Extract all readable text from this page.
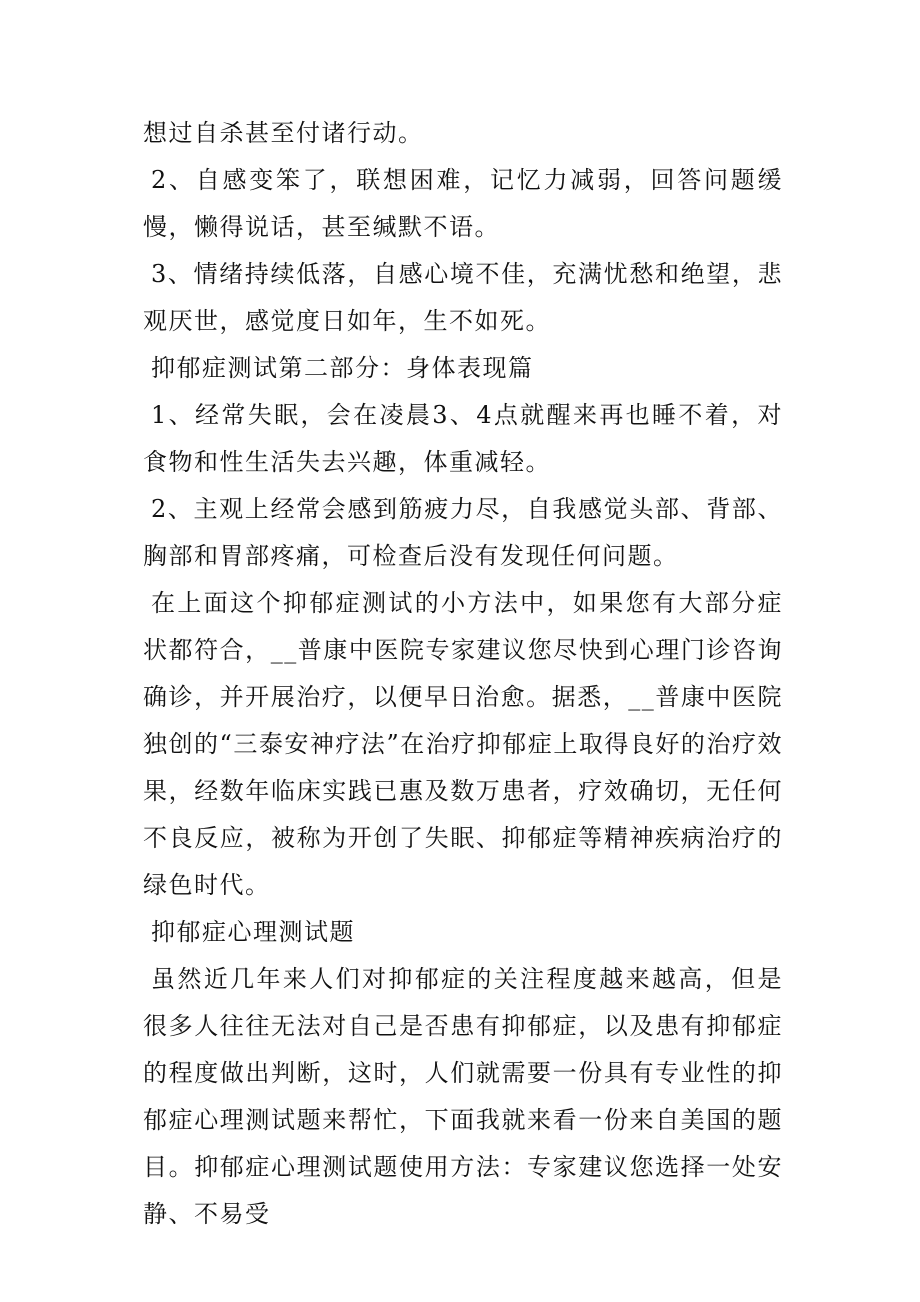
想过自杀甚至付诸行动。

2、自感变笨了，联想困难，记忆力减弱，回答问题缓慢，懒得说话，甚至缄默不语。

3、情绪持续低落，自感心境不佳，充满忧愁和绝望，悲观厌世，感觉度日如年，生不如死。

抑郁症测试第二部分：身体表现篇

1、经常失眠，会在凌晨3、4点就醒来再也睡不着，对食物和性生活失去兴趣，体重减轻。

2、主观上经常会感到筋疲力尽，自我感觉头部、背部、胸部和胃部疼痛，可检查后没有发现任何问题。

在上面这个抑郁症测试的小方法中，如果您有大部分症状都符合，__普康中医院专家建议您尽快到心理门诊咨询确诊，并开展治疗，以便早日治愈。据悉，__普康中医院独创的“三泰安神疗法”在治疗抑郁症上取得良好的治疗效果，经数年临床实践已惠及数万患者，疗效确切，无任何不良反应，被称为开创了失眠、抑郁症等精神疾病治疗的绿色时代。

抑郁症心理测试题

虽然近几年来人们对抑郁症的关注程度越来越高，但是很多人往往无法对自己是否患有抑郁症，以及患有抑郁症的程度做出判断，这时，人们就需要一份具有专业性的抑郁症心理测试题来帮忙，下面我就来看一份来自美国的题目。抑郁症心理测试题使用方法：专家建议您选择一处安静、不易受
